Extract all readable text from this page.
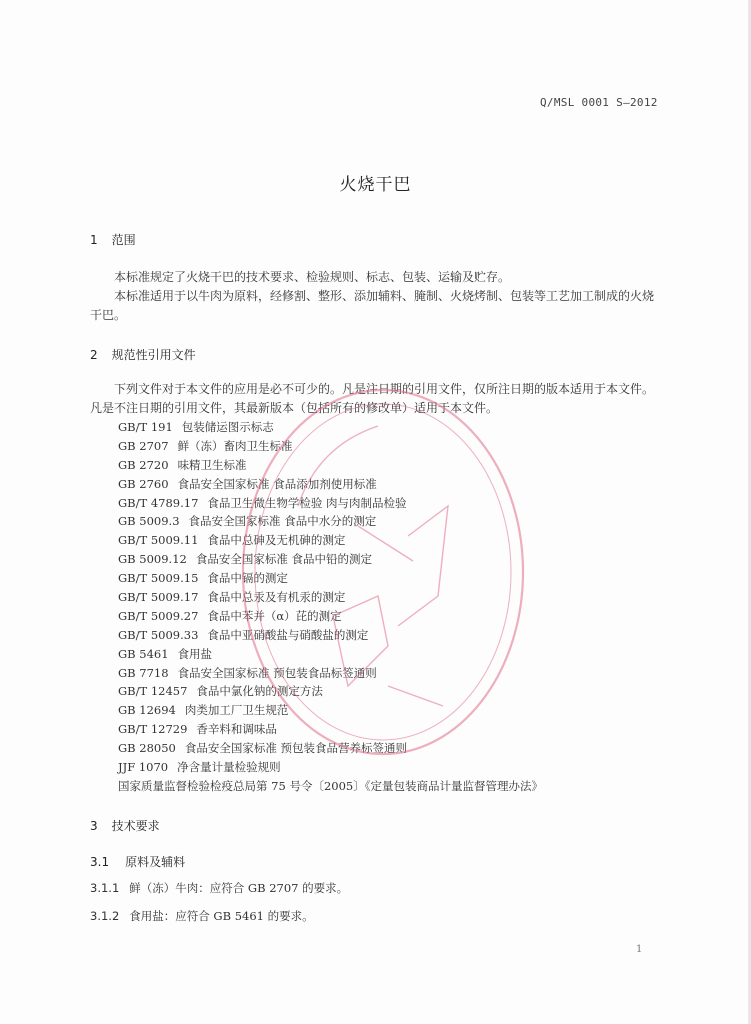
Q/MSL 0001 S—2012
火烧干巴
1 范围

本标准规定了火烧干巴的技术要求、检验规则、标志、包装、运输及贮存。

本标准适用于以牛肉为原料，经修割、整形、添加辅料、腌制、火烧烤制、包装等工艺加工制成的火烧干巴。

2 规范性引用文件

下列文件对于本文件的应用是必不可少的。凡是注日期的引用文件，仅所注日期的版本适用于本文件。凡是不注日期的引用文件，其最新版本（包括所有的修改单）适用于本文件。

GB/T 191 包装储运图示标志
GB 2707 鲜（冻）畜肉卫生标准
GB 2720 味精卫生标准
GB 2760 食品安全国家标准 食品添加剂使用标准
GB/T 4789.17 食品卫生微生物学检验 肉与肉制品检验
GB 5009.3 食品安全国家标准 食品中水分的测定
GB/T 5009.11 食品中总砷及无机砷的测定
GB 5009.12 食品安全国家标准 食品中铅的测定
GB/T 5009.15 食品中镉的测定
GB/T 5009.17 食品中总汞及有机汞的测定
GB/T 5009.27 食品中苯并（α）芘的测定
GB/T 5009.33 食品中亚硝酸盐与硝酸盐的测定
GB 5461 食用盐
GB 7718 食品安全国家标准 预包装食品标签通则
GB/T 12457 食品中氯化钠的测定方法
GB 12694 肉类加工厂卫生规范
GB/T 12729 香辛料和调味品
GB 28050 食品安全国家标准 预包装食品营养标签通则
JJF 1070 净含量计量检验规则
国家质量监督检验检疫总局第 75 号令〔2005〕《定量包装商品计量监督管理办法》
3 技术要求
3.1 原料及辅料
3.1.1 鲜（冻）牛肉：应符合 GB 2707 的要求。
3.1.2 食用盐：应符合 GB 5461 的要求。
1
